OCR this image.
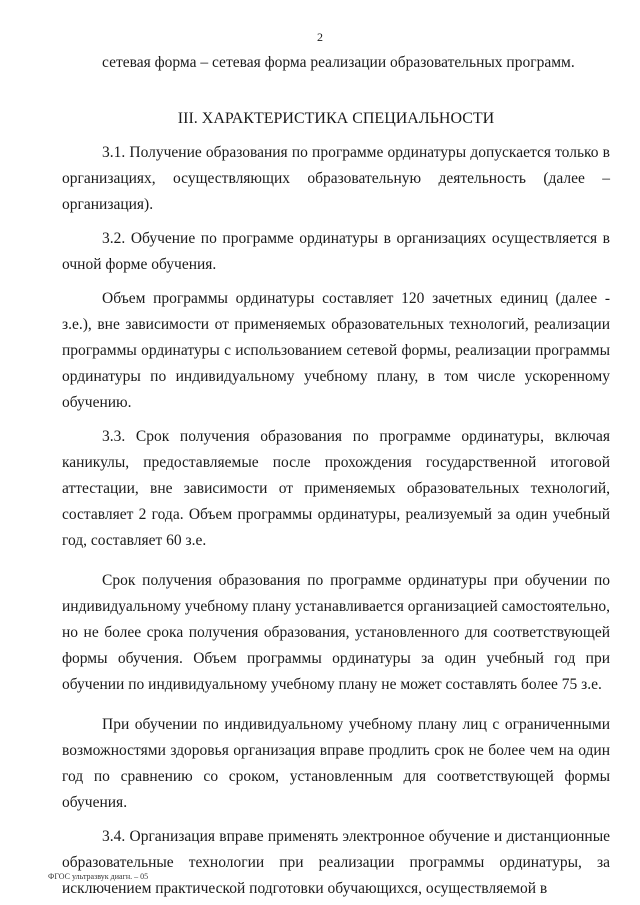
2

сетевая форма – сетевая форма реализации образовательных программ.

III. ХАРАКТЕРИСТИКА СПЕЦИАЛЬНОСТИ

3.1. Получение образования по программе ординатуры допускается только в организациях, осуществляющих образовательную деятельность (далее – организация).

3.2. Обучение по программе ординатуры в организациях осуществляется в очной форме обучения.

Объем программы ординатуры составляет 120 зачетных единиц (далее - з.е.), вне зависимости от применяемых образовательных технологий, реализации программы ординатуры с использованием сетевой формы, реализации программы ординатуры по индивидуальному учебному плану, в том числе ускоренному обучению.

3.3. Срок получения образования по программе ординатуры, включая каникулы, предоставляемые после прохождения государственной итоговой аттестации, вне зависимости от применяемых образовательных технологий, составляет 2 года. Объем программы ординатуры, реализуемый за один учебный год, составляет 60 з.е.

Срок получения образования по программе ординатуры при обучении по индивидуальному учебному плану устанавливается организацией самостоятельно, но не более срока получения образования, установленного для соответствующей формы обучения. Объем программы ординатуры за один учебный год при обучении по индивидуальному учебному плану не может составлять более 75 з.е.

При обучении по индивидуальному учебному плану лиц с ограниченными возможностями здоровья организация вправе продлить срок не более чем на один год по сравнению со сроком, установленным для соответствующей формы обучения.

3.4. Организация вправе применять электронное обучение и дистанционные образовательные технологии при реализации программы ординатуры, за исключением практической подготовки обучающихся, осуществляемой в

ФГОС ультразвук диагн. – 05
